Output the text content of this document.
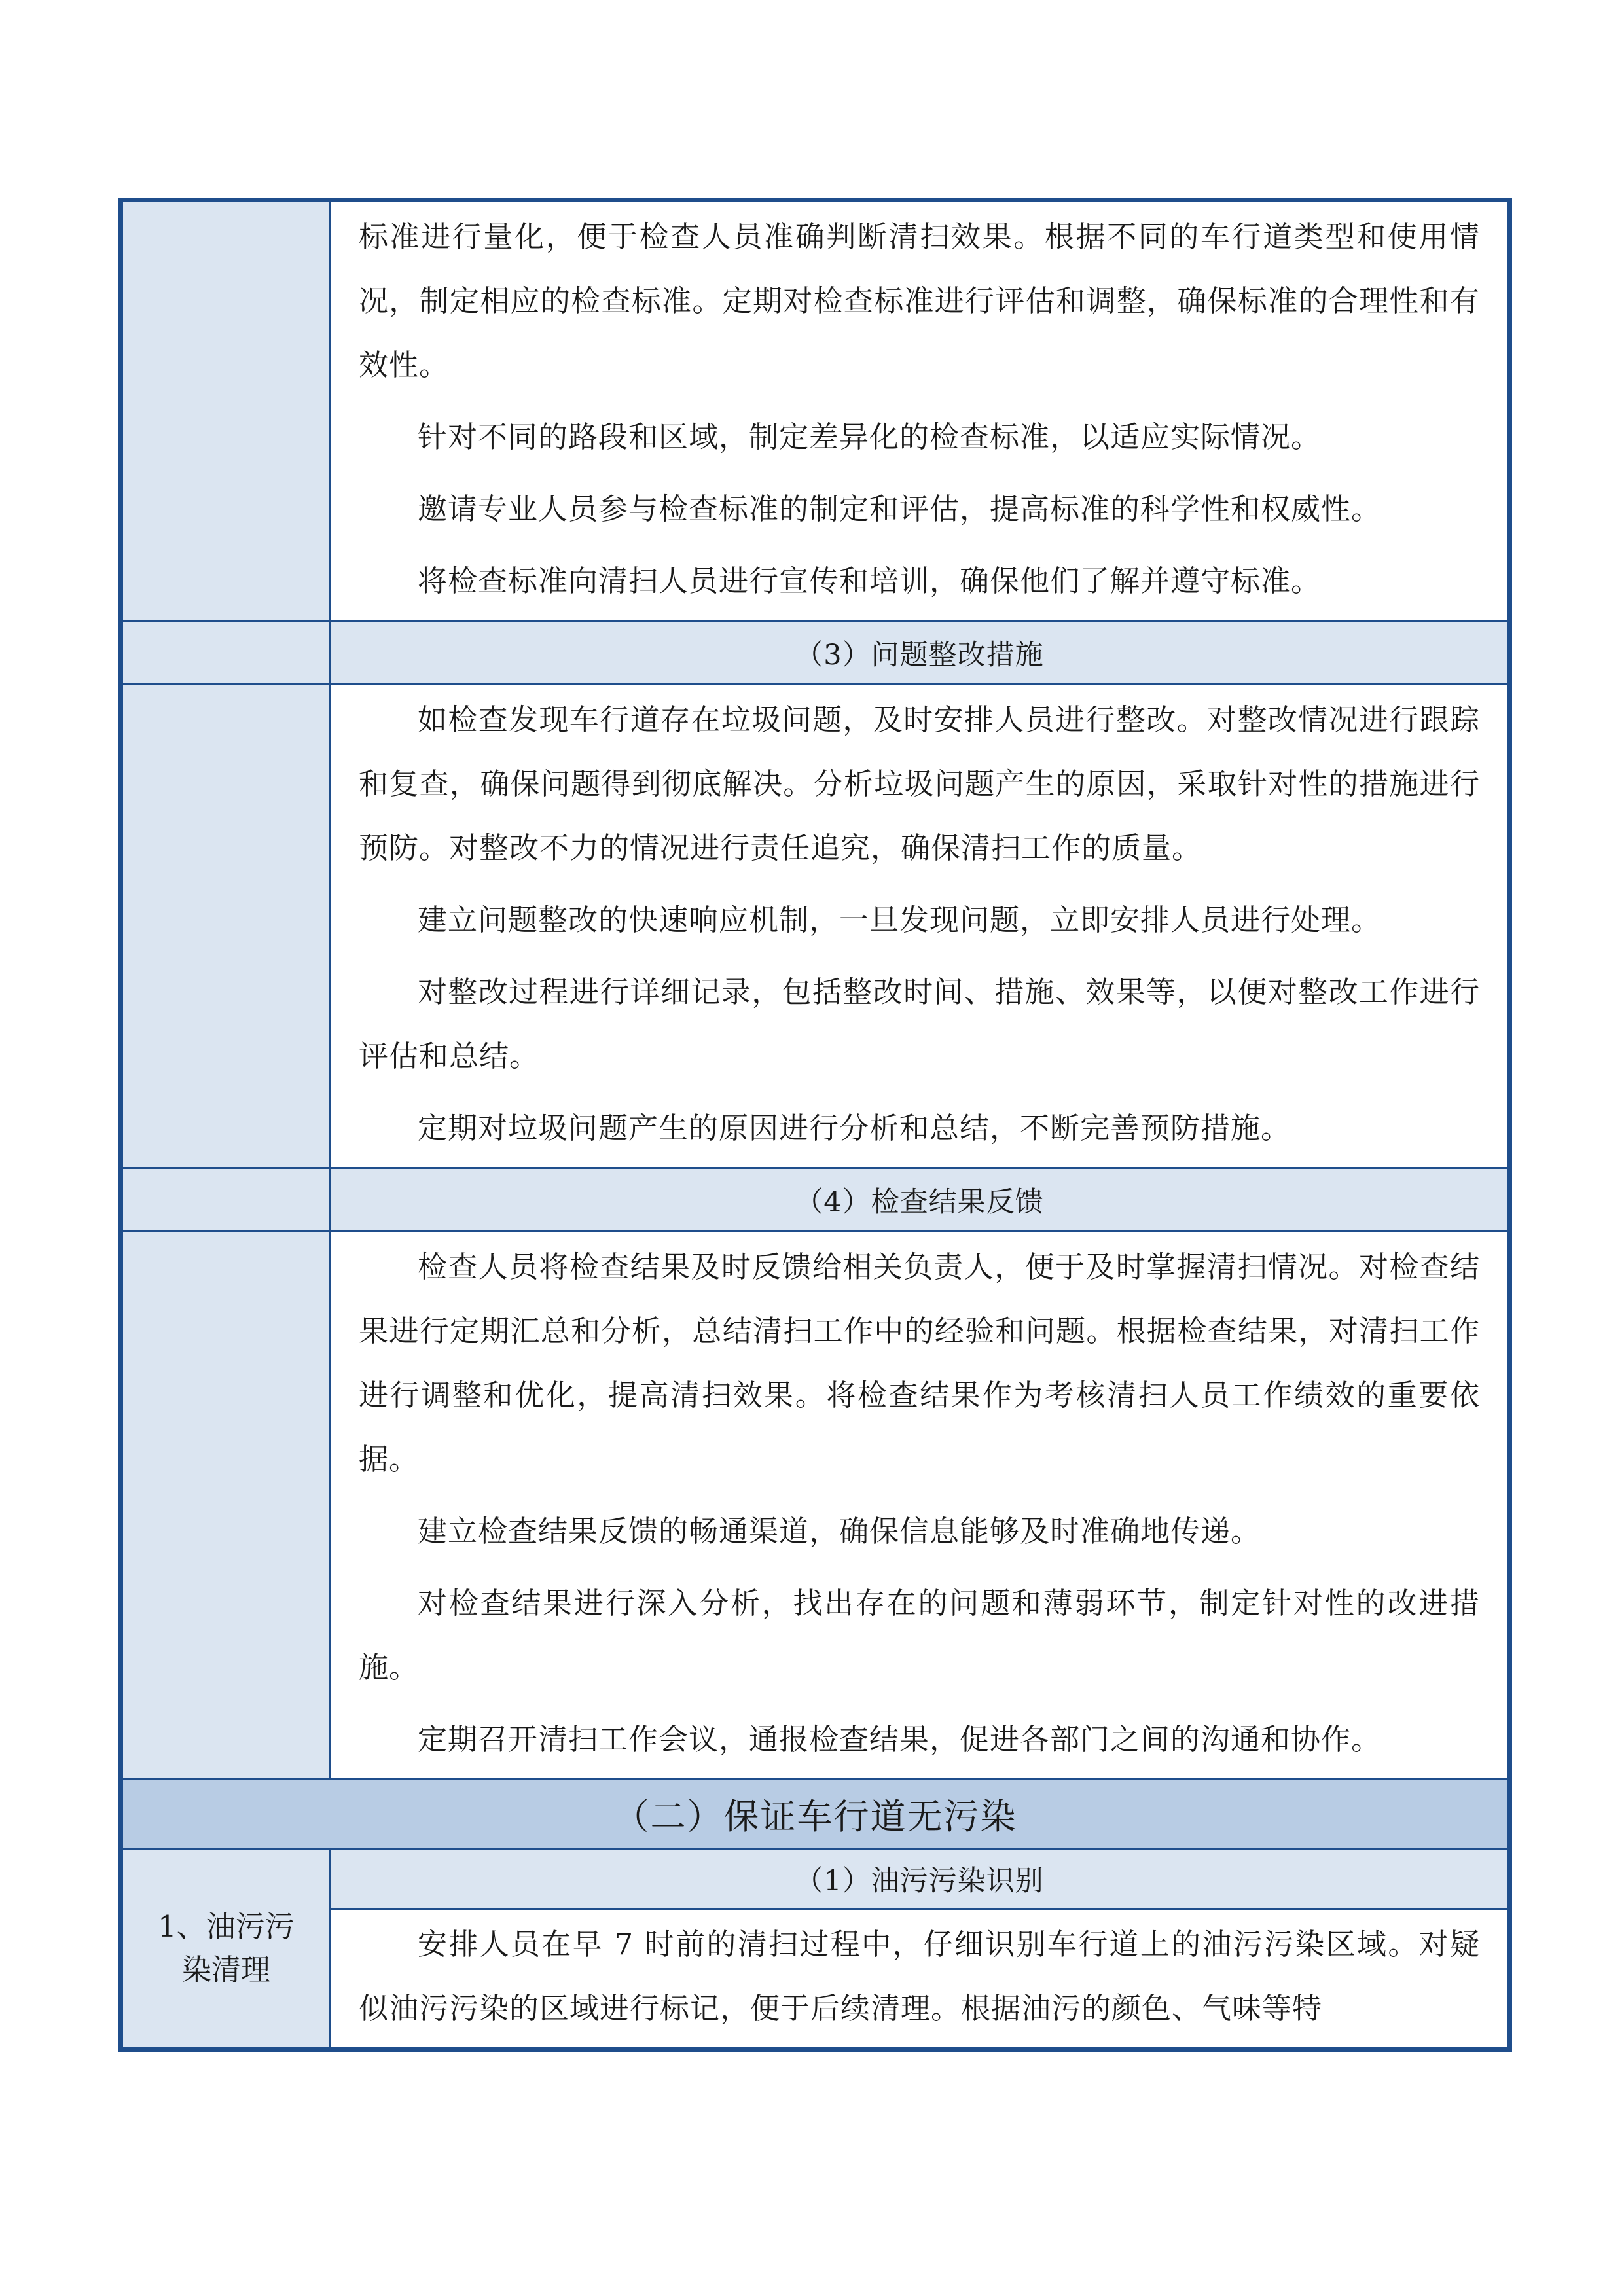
标准进行量化，便于检查人员准确判断清扫效果。根据不同的车行道类型和使用情况，制定相应的检查标准。定期对检查标准进行评估和调整，确保标准的合理性和有效性。

针对不同的路段和区域，制定差异化的检查标准，以适应实际情况。

邀请专业人员参与检查标准的制定和评估，提高标准的科学性和权威性。

将检查标准向清扫人员进行宣传和培训，确保他们了解并遵守标准。

（3）问题整改措施

如检查发现车行道存在垃圾问题，及时安排人员进行整改。对整改情况进行跟踪和复查，确保问题得到彻底解决。分析垃圾问题产生的原因，采取针对性的措施进行预防。对整改不力的情况进行责任追究，确保清扫工作的质量。

建立问题整改的快速响应机制，一旦发现问题，立即安排人员进行处理。

对整改过程进行详细记录，包括整改时间、措施、效果等，以便对整改工作进行评估和总结。

定期对垃圾问题产生的原因进行分析和总结，不断完善预防措施。

（4）检查结果反馈

检查人员将检查结果及时反馈给相关负责人，便于及时掌握清扫情况。对检查结果进行定期汇总和分析，总结清扫工作中的经验和问题。根据检查结果，对清扫工作进行调整和优化，提高清扫效果。将检查结果作为考核清扫人员工作绩效的重要依据。

建立检查结果反馈的畅通渠道，确保信息能够及时准确地传递。

对检查结果进行深入分析，找出存在的问题和薄弱环节，制定针对性的改进措施。

定期召开清扫工作会议，通报检查结果，促进各部门之间的沟通和协作。

（二）保证车行道无污染
1、油污污
染清理
（1）油污污染识别

安排人员在早 7 时前的清扫过程中，仔细识别车行道上的油污污染区域。对疑似油污污染的区域进行标记，便于后续清理。根据油污的颜色、气味等特
